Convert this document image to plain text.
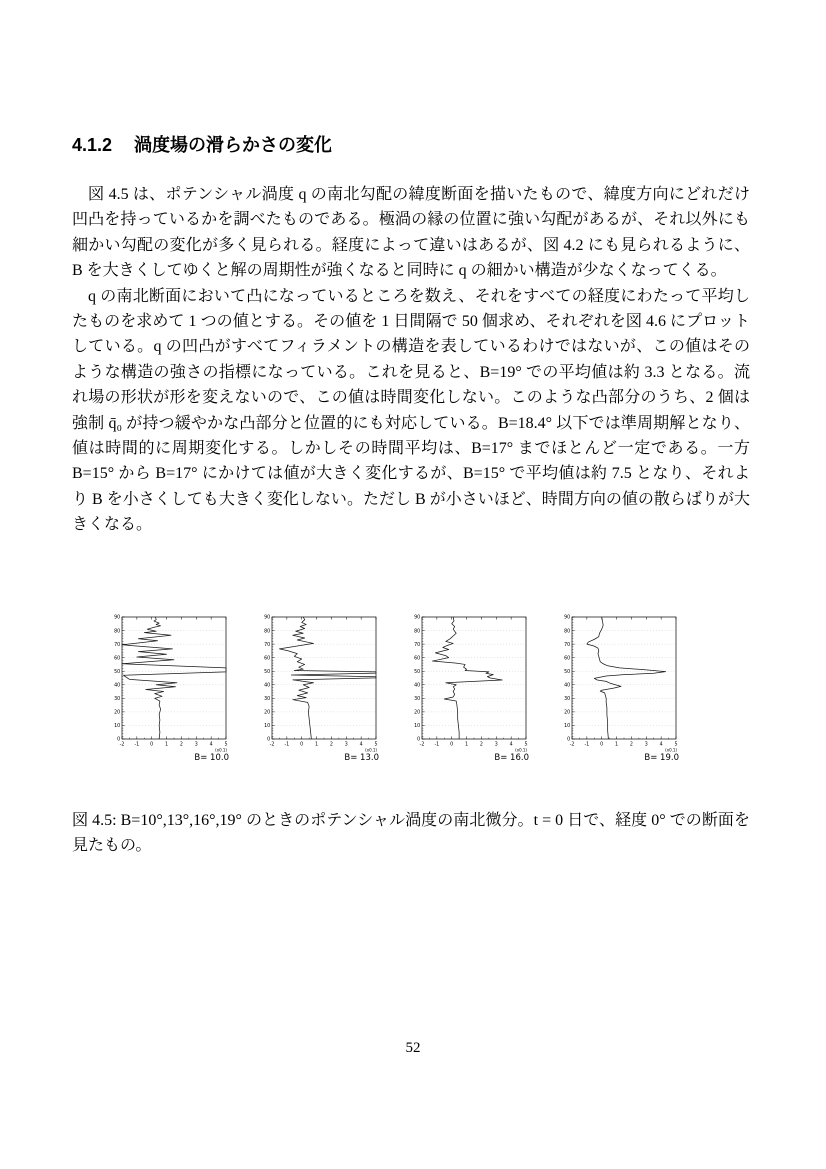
4.1.2 渦度場の滑らかさの変化

図 4.5 は、ポテンシャル渦度 q の南北勾配の緯度断面を描いたもので、緯度方向にどれだけ凹凸を持っているかを調べたものである。極渦の縁の位置に強い勾配があるが、それ以外にも細かい勾配の変化が多く見られる。経度によって違いはあるが、図 4.2 にも見られるように、B を大きくしてゆくと解の周期性が強くなると同時に q の細かい構造が少なくなってくる。

q の南北断面において凸になっているところを数え、それをすべての経度にわたって平均したものを求めて 1 つの値とする。その値を 1 日間隔で 50 個求め、それぞれを図 4.6 にプロットしている。q の凹凸がすべてフィラメントの構造を表しているわけではないが、この値はそのような構造の強さの指標になっている。これを見ると、B=19° での平均値は約 3.3 となる。流れ場の形状が形を変えないので、この値は時間変化しない。このような凸部分のうち、2 個は強制 q̄₀ が持つ緩やかな凸部分と位置的にも対応している。B=18.4° 以下では準周期解となり、値は時間的に周期変化する。しかしその時間平均は、B=17° までほとんど一定である。一方 B=15° から B=17° にかけては値が大きく変化するが、B=15° で平均値は約 7.5 となり、それより B を小さくしても大きく変化しない。ただし B が小さいほど、時間方向の値の散らばりが大きくなる。

-2 -1 0 1 2 3 4 5
0
10
20
30
40
50
60
70
80
90
(x0.1)
B= 10.0
-2 -1 0 1 2 3 4 5
0
10
20
30
40
50
60
70
80
90
(x0.1)
B= 13.0
-2 -1 0 1 2 3 4 5
0
10
20
30
40
50
60
70
80
90
(x0.1)
B= 16.0
-2 -1 0 1 2 3 4 5
0
10
20
30
40
50
60
70
80
90
(x0.1)
B= 19.0

図 4.5: B=10°,13°,16°,19° のときのポテンシャル渦度の南北微分。t = 0 日で、経度 0° での断面を見たもの。

52
